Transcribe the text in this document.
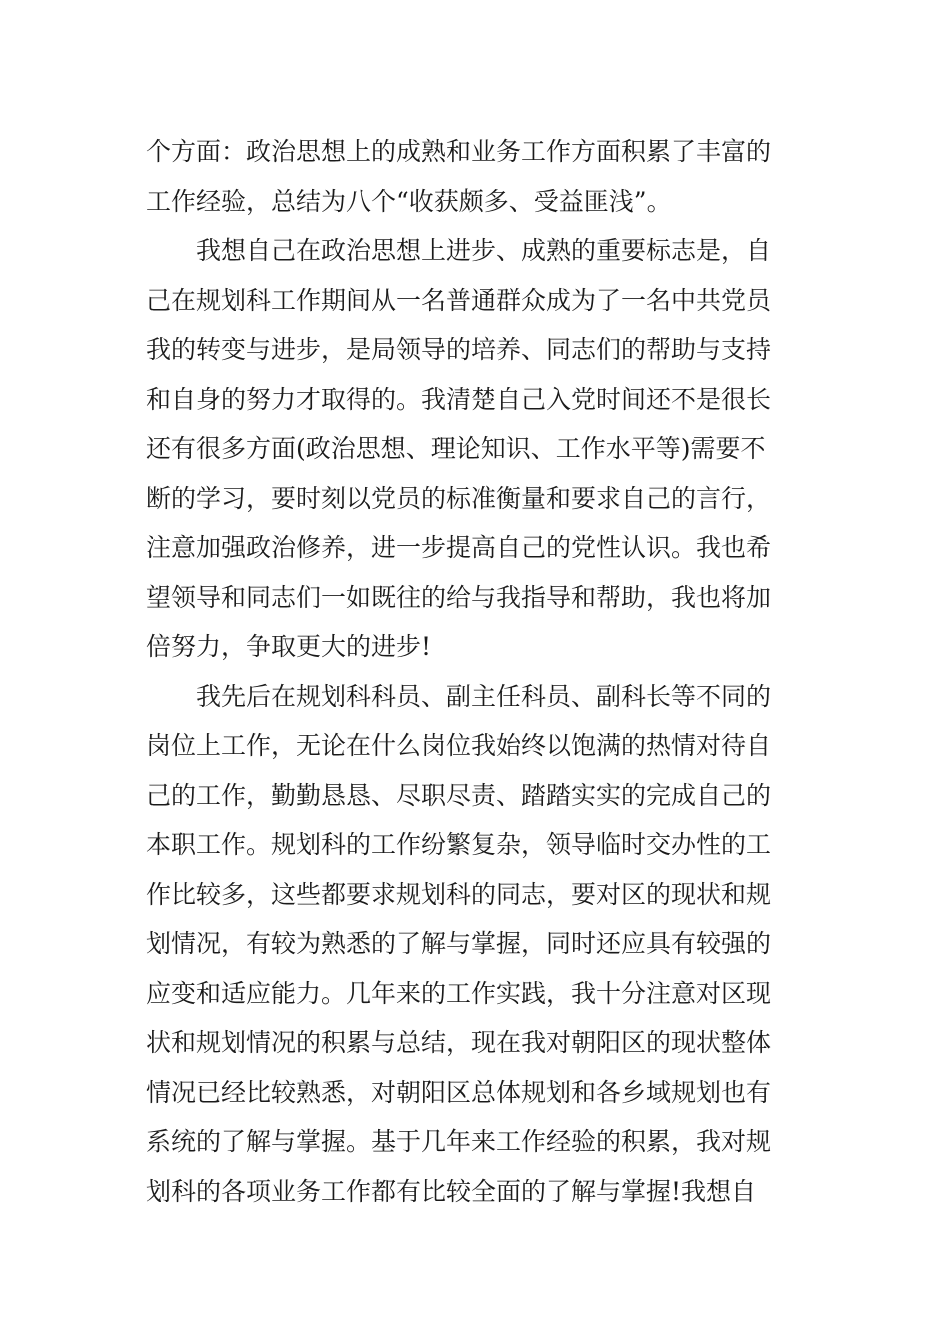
个方面：政治思想上的成熟和业务工作方面积累了丰富的
工作经验，总结为八个“收获颇多、受益匪浅”。
我想自己在政治思想上进步、成熟的重要标志是，自
己在规划科工作期间从一名普通群众成为了一名中共党员
我的转变与进步，是局领导的培养、同志们的帮助与支持
和自身的努力才取得的。我清楚自己入党时间还不是很长
还有很多方面(政治思想、理论知识、工作水平等)需要不
断的学习，要时刻以党员的标准衡量和要求自己的言行，
注意加强政治修养，进一步提高自己的党性认识。我也希
望领导和同志们一如既往的给与我指导和帮助，我也将加
倍努力，争取更大的进步!
我先后在规划科科员、副主任科员、副科长等不同的
岗位上工作，无论在什么岗位我始终以饱满的热情对待自
己的工作，勤勤恳恳、尽职尽责、踏踏实实的完成自己的
本职工作。规划科的工作纷繁复杂，领导临时交办性的工
作比较多，这些都要求规划科的同志，要对区的现状和规
划情况，有较为熟悉的了解与掌握，同时还应具有较强的
应变和适应能力。几年来的工作实践，我十分注意对区现
状和规划情况的积累与总结，现在我对朝阳区的现状整体
情况已经比较熟悉，对朝阳区总体规划和各乡域规划也有
系统的了解与掌握。基于几年来工作经验的积累，我对规
划科的各项业务工作都有比较全面的了解与掌握!我想自
